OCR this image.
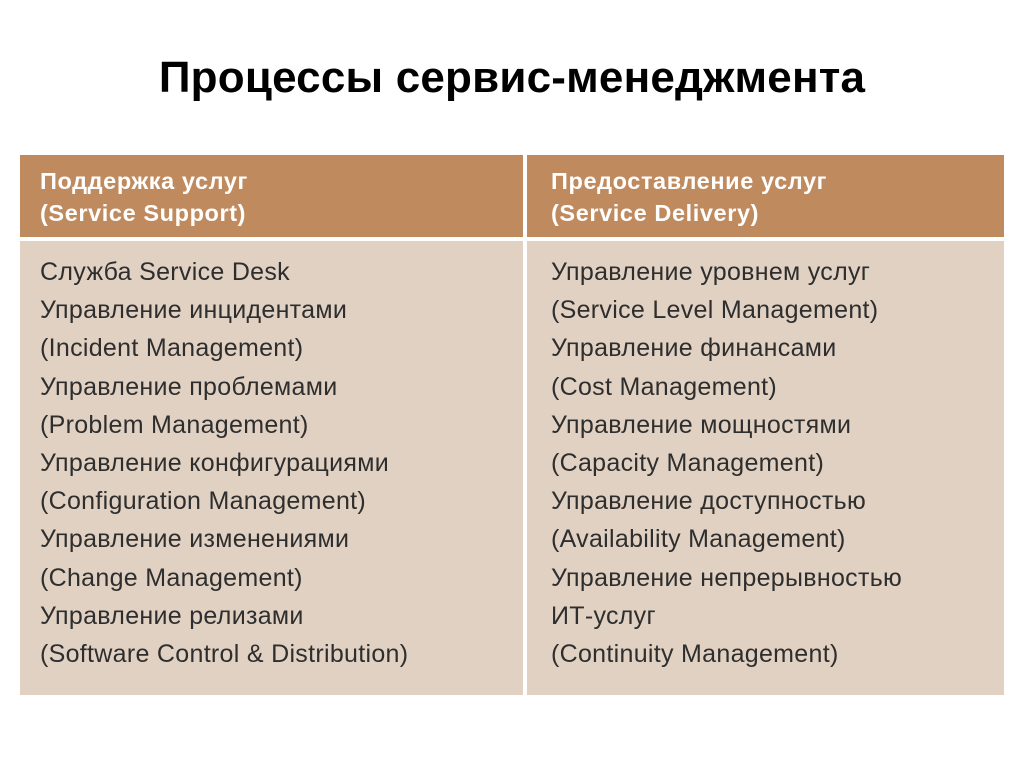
Процессы сервис-менеджмента
Поддержка услуг
(Service Support)
Служба Service Desk
Управление инцидентами
(Incident Management)
Управление проблемами
(Problem Management)
Управление конфигурациями
(Configuration Management)
Управление изменениями
(Change Management)
Управление релизами
(Software Control & Distribution)
Предоставление услуг
(Service Delivery)
Управление уровнем услуг
(Service Level Management)
Управление финансами
(Cost Management)
Управление мощностями
(Capacity Management)
Управление доступностью
(Availability Management)
Управление непрерывностью
ИТ-услуг
(Continuity Management)
